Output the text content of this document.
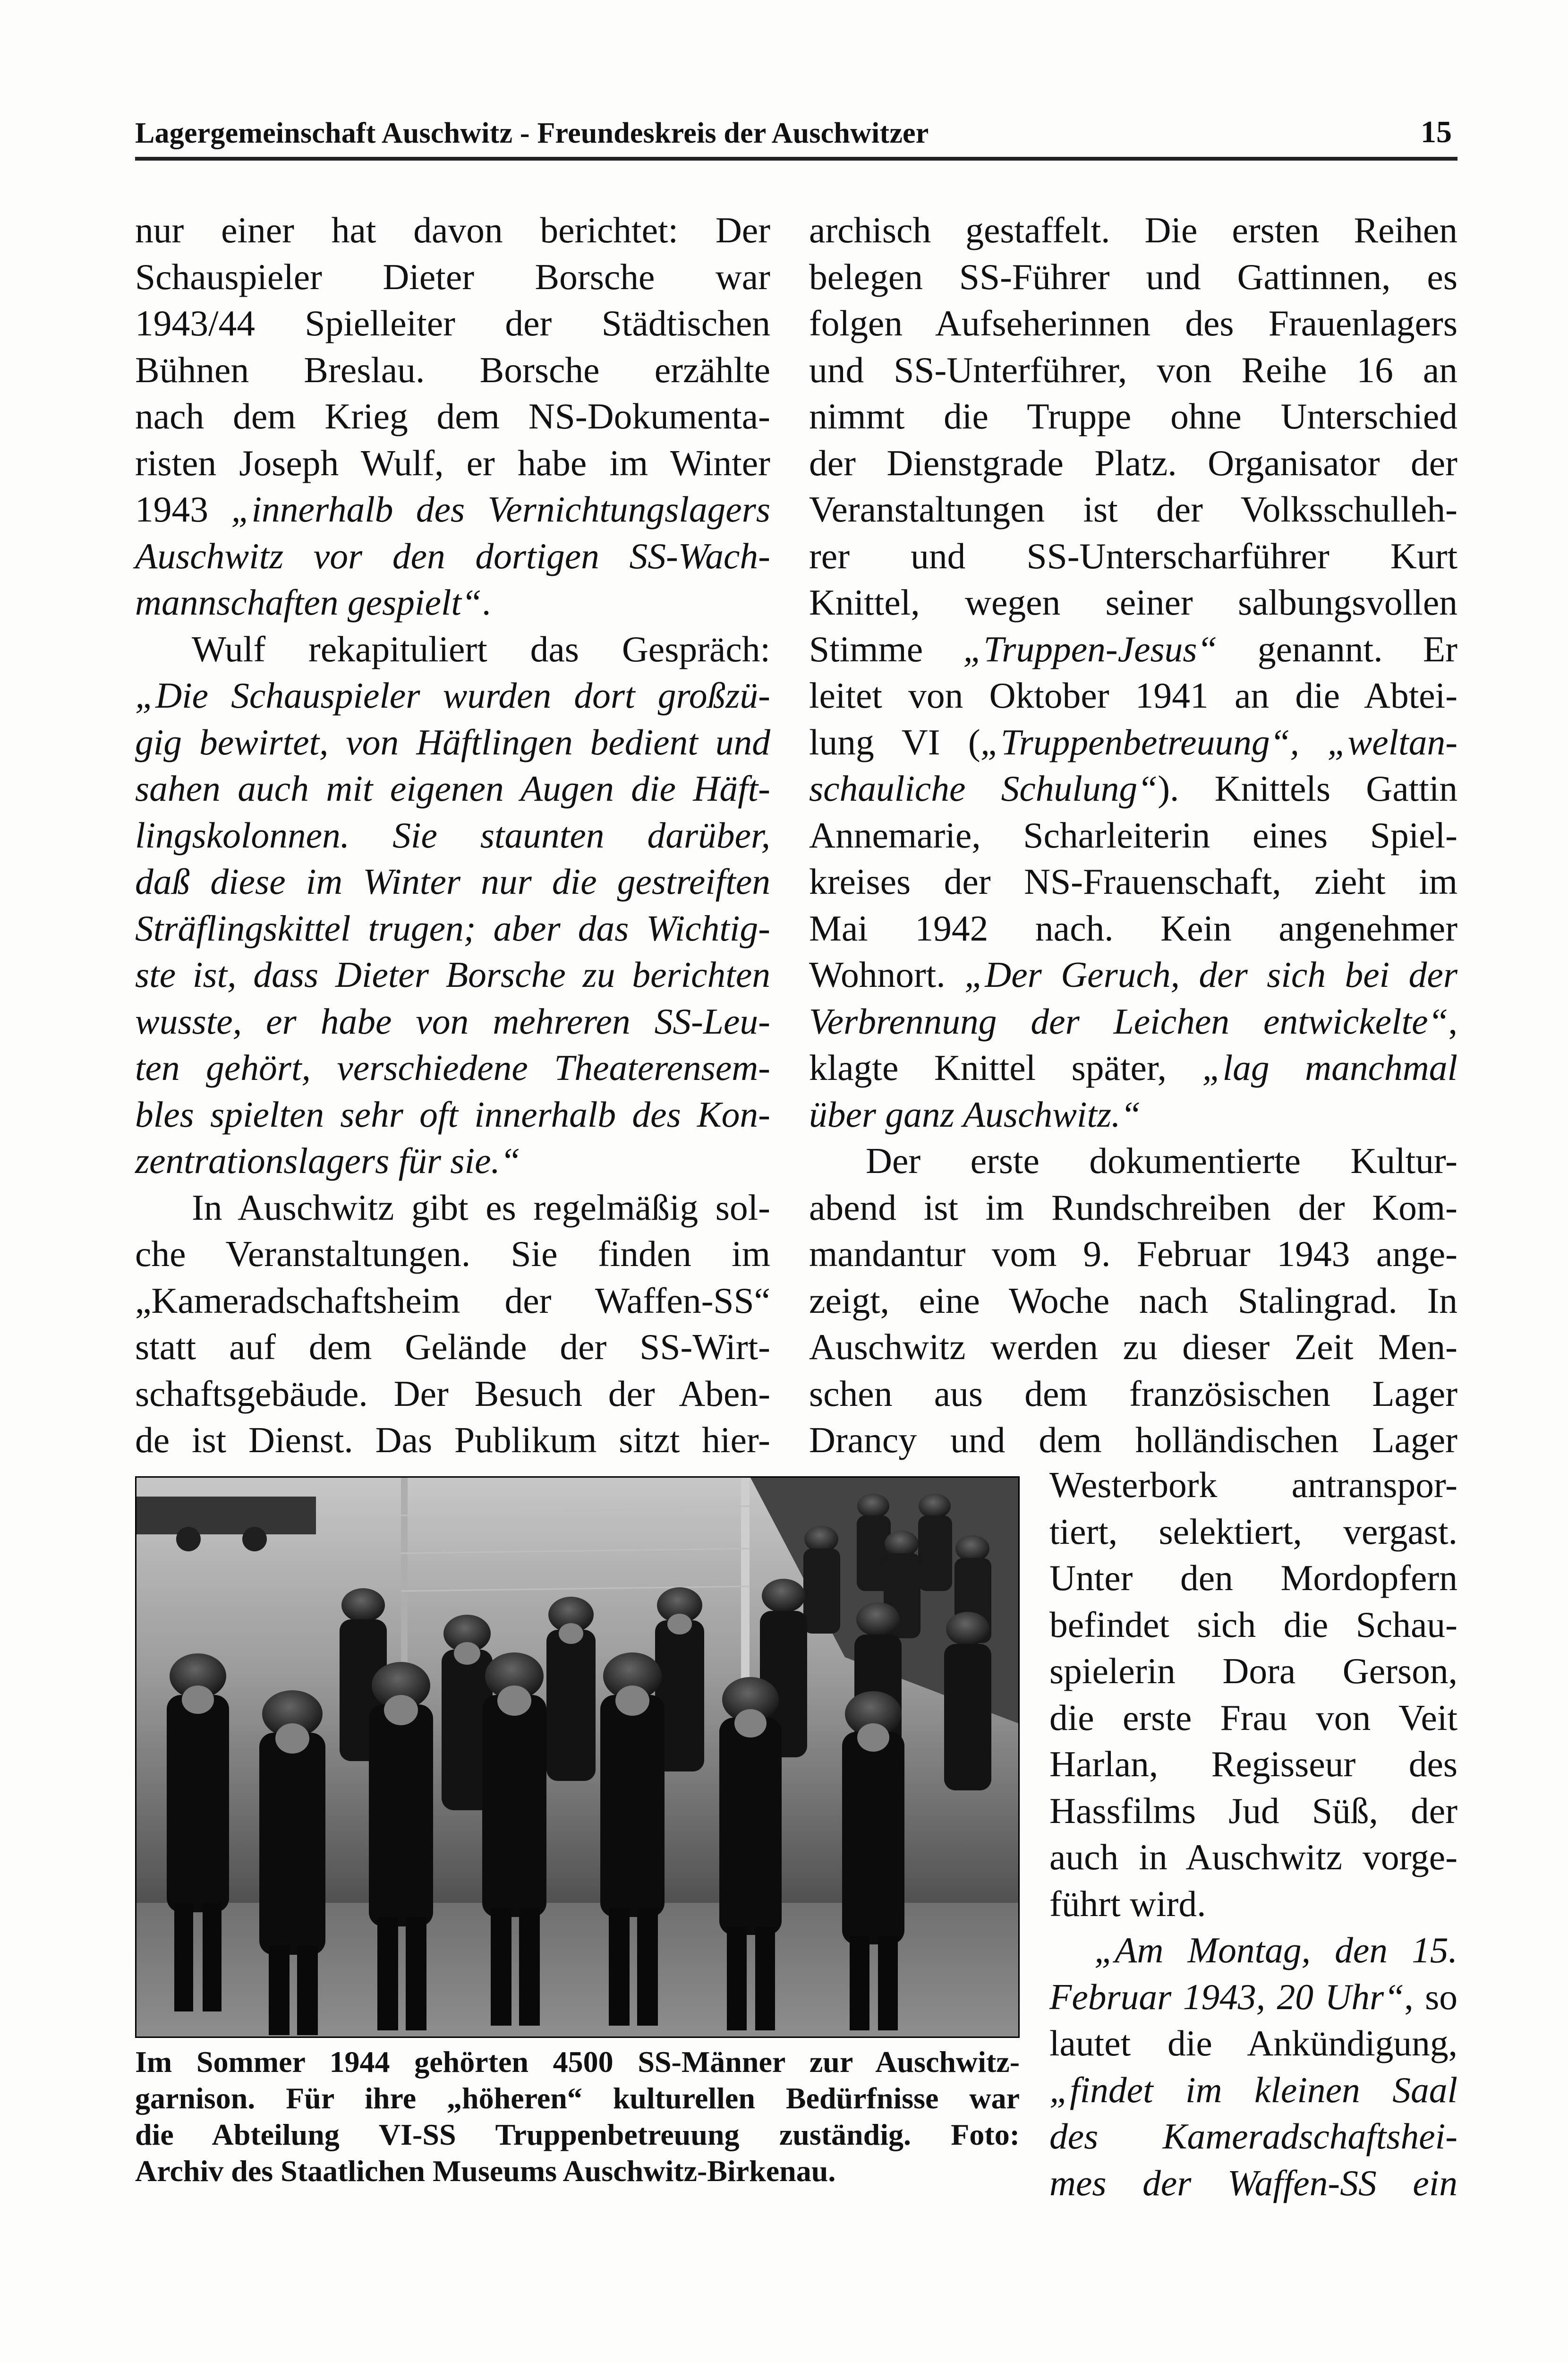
Lagergemeinschaft Auschwitz - Freundeskreis der Auschwitzer	15
nur einer hat davon berichtet: Der
Schauspieler Dieter Borsche war
1943/44 Spielleiter der Städtischen
Bühnen Breslau. Borsche erzählte
nach dem Krieg dem NS-Dokumenta-
risten Joseph Wulf, er habe im Winter
1943 „innerhalb des Vernichtungslagers
Auschwitz vor den dortigen SS-Wach-
mannschaften gespielt“.
Wulf rekapituliert das Gespräch:
„Die Schauspieler wurden dort großzü-
gig bewirtet, von Häftlingen bedient und
sahen auch mit eigenen Augen die Häft-
lingskolonnen. Sie staunten darüber,
daß diese im Winter nur die gestreiften
Sträflingskittel trugen; aber das Wichtig-
ste ist, dass Dieter Borsche zu berichten
wusste, er habe von mehreren SS-Leu-
ten gehört, verschiedene Theaterensem-
bles spielten sehr oft innerhalb des Kon-
zentrationslagers für sie.“
In Auschwitz gibt es regelmäßig sol-
che Veranstaltungen. Sie finden im
„Kameradschaftsheim der Waffen-SS“
statt auf dem Gelände der SS-Wirt-
schaftsgebäude. Der Besuch der Aben-
de ist Dienst. Das Publikum sitzt hier-
archisch gestaffelt. Die ersten Reihen
belegen SS-Führer und Gattinnen, es
folgen Aufseherinnen des Frauenlagers
und SS-Unterführer, von Reihe 16 an
nimmt die Truppe ohne Unterschied
der Dienstgrade Platz. Organisator der
Veranstaltungen ist der Volksschulleh-
rer und SS-Unterscharführer Kurt
Knittel, wegen seiner salbungsvollen
Stimme „Truppen-Jesus“ genannt. Er
leitet von Oktober 1941 an die Abtei-
lung VI („Truppenbetreuung“, „weltan-
schauliche Schulung“). Knittels Gattin
Annemarie, Scharleiterin eines Spiel-
kreises der NS-Frauenschaft, zieht im
Mai 1942 nach. Kein angenehmer
Wohnort. „Der Geruch, der sich bei der
Verbrennung der Leichen entwickelte“,
klagte Knittel später, „lag manchmal
über ganz Auschwitz.“
Der erste dokumentierte Kultur-
abend ist im Rundschreiben der Kom-
mandantur vom 9. Februar 1943 ange-
zeigt, eine Woche nach Stalingrad. In
Auschwitz werden zu dieser Zeit Men-
schen aus dem französischen Lager
Drancy und dem holländischen Lager
Westerbork antranspor-
tiert, selektiert, vergast.
Unter den Mordopfern
befindet sich die Schau-
spielerin Dora Gerson,
die erste Frau von Veit
Harlan, Regisseur des
Hassfilms Jud Süß, der
auch in Auschwitz vorge-
führt wird.
„Am Montag, den 15.
Februar 1943, 20 Uhr“, so
lautet die Ankündigung,
„findet im kleinen Saal
des Kameradschaftshei-
mes der Waffen-SS ein
Im Sommer 1944 gehörten 4500 SS-Männer zur Auschwitz-
garnison. Für ihre „höheren“ kulturellen Bedürfnisse war
die Abteilung VI-SS Truppenbetreuung zuständig. Foto:
Archiv des Staatlichen Museums Auschwitz-Birkenau.
